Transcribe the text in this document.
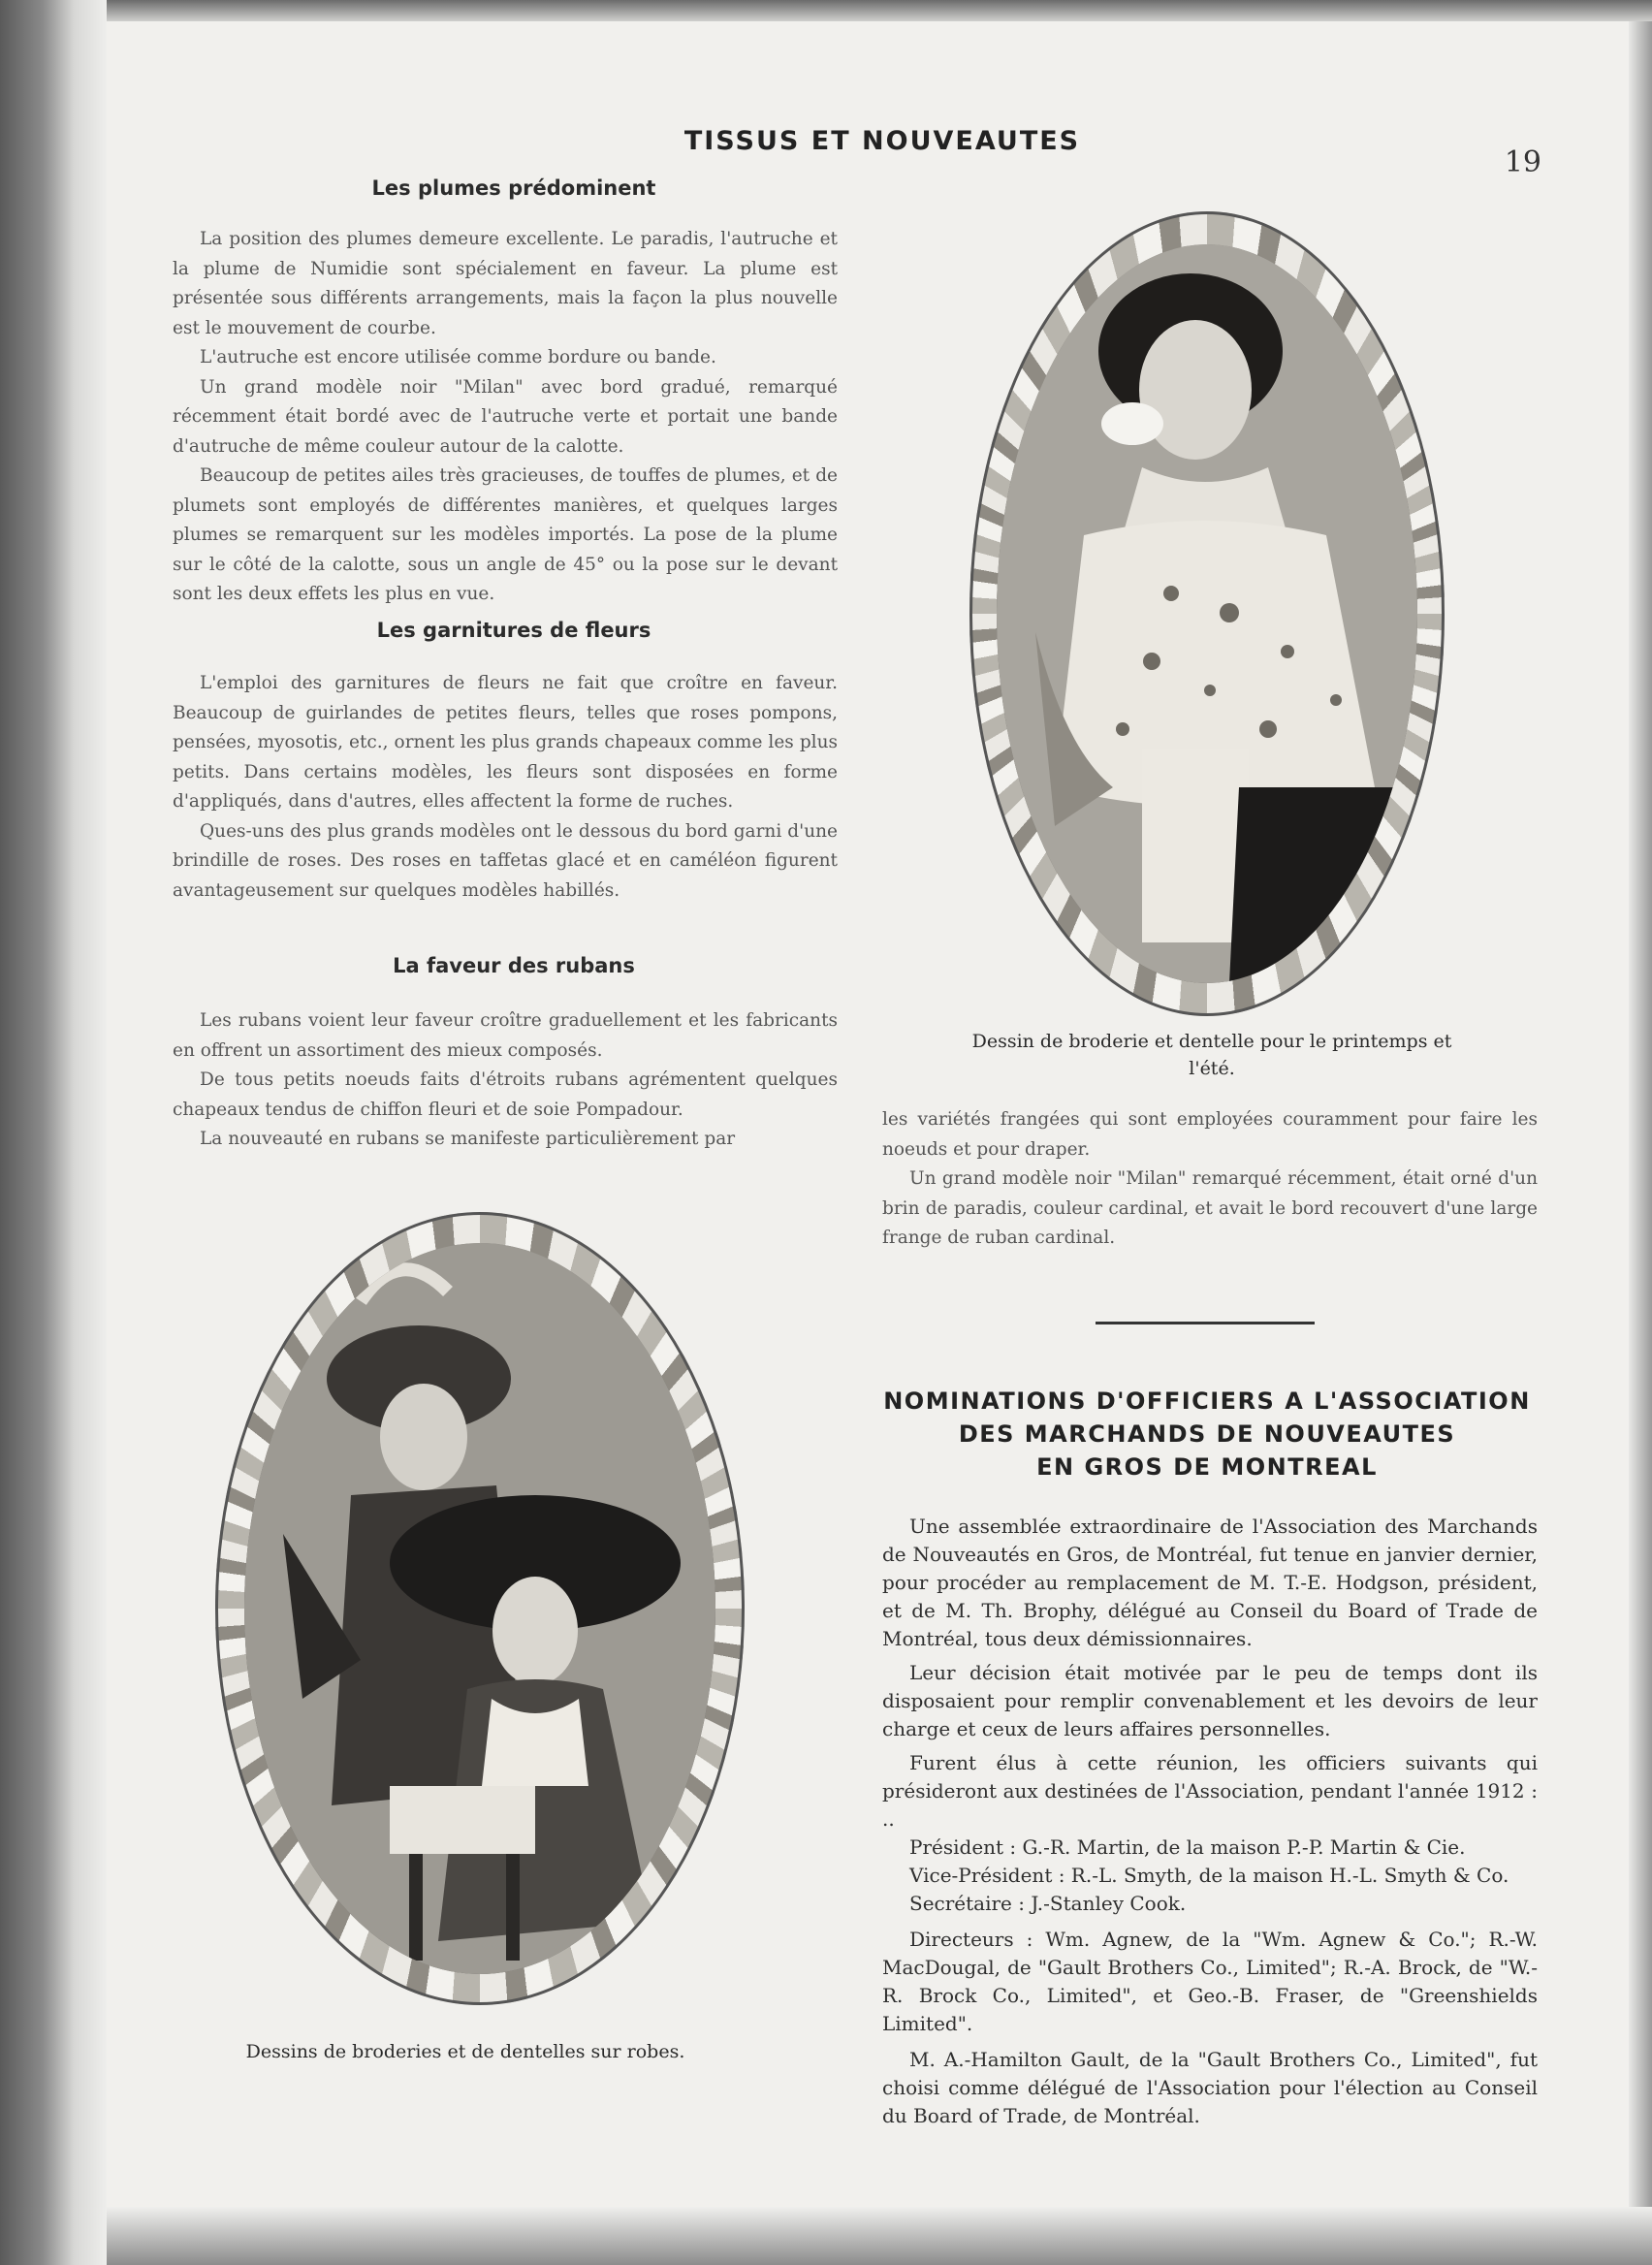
TISSUS ET NOUVEAUTES
19
Les plumes prédominent

La position des plumes demeure excellente. Le paradis, l'autruche et la plume de Numidie sont spécialement en faveur. La plume est présentée sous différents arrangements, mais la façon la plus nouvelle est le mouvement de courbe.

L'autruche est encore utilisée comme bordure ou bande.

Un grand modèle noir "Milan" avec bord gradué, remarqué récemment était bordé avec de l'autruche verte et portait une bande d'autruche de même couleur autour de la calotte.

Beaucoup de petites ailes très gracieuses, de touffes de plumes, et de plumets sont employés de différentes manières, et quelques larges plumes se remarquent sur les modèles importés. La pose de la plume sur le côté de la calotte, sous un angle de 45° ou la pose sur le devant sont les deux effets les plus en vue.

Les garnitures de fleurs

L'emploi des garnitures de fleurs ne fait que croître en faveur. Beaucoup de guirlandes de petites fleurs, telles que roses pompons, pensées, myosotis, etc., ornent les plus grands chapeaux comme les plus petits. Dans certains modèles, les fleurs sont disposées en forme d'appliqués, dans d'autres, elles affectent la forme de ruches.

Ques-uns des plus grands modèles ont le dessous du bord garni d'une brindille de roses. Des roses en taffetas glacé et en caméléon figurent avantageusement sur quelques modèles habillés.

La faveur des rubans

Les rubans voient leur faveur croître graduellement et les fabricants en offrent un assortiment des mieux composés.

De tous petits noeuds faits d'étroits rubans agrémentent quelques chapeaux tendus de chiffon fleuri et de soie Pompadour.

La nouveauté en rubans se manifeste particulièrement par

Dessin de broderie et dentelle pour le printemps et l'été.

les variétés frangées qui sont employées couramment pour faire les noeuds et pour draper.

Un grand modèle noir "Milan" remarqué récemment, était orné d'un brin de paradis, couleur cardinal, et avait le bord recouvert d'une large frange de ruban cardinal.

Dessins de broderies et de dentelles sur robes.
NOMINATIONS D'OFFICIERS A L'ASSOCIATION
DES MARCHANDS DE NOUVEAUTES
EN GROS DE MONTREAL

Une assemblée extraordinaire de l'Association des Marchands de Nouveautés en Gros, de Montréal, fut tenue en janvier dernier, pour procéder au remplacement de M. T.-E. Hodgson, président, et de M. Th. Brophy, délégué au Conseil du Board of Trade de Montréal, tous deux démissionnaires.

Leur décision était motivée par le peu de temps dont ils disposaient pour remplir convenablement et les devoirs de leur charge et ceux de leurs affaires personnelles.

Furent élus à cette réunion, les officiers suivants qui présideront aux destinées de l'Association, pendant l'année 1912 : ..

Président : G.-R. Martin, de la maison P.-P. Martin & Cie.

Vice-Président : R.-L. Smyth, de la maison H.-L. Smyth & Co.

Secrétaire : J.-Stanley Cook.

Directeurs : Wm. Agnew, de la "Wm. Agnew & Co."; R.-W. MacDougal, de "Gault Brothers Co., Limited"; R.-A. Brock, de "W.-R. Brock Co., Limited", et Geo.-B. Fraser, de "Greenshields Limited".

M. A.-Hamilton Gault, de la "Gault Brothers Co., Limited", fut choisi comme délégué de l'Association pour l'élection au Conseil du Board of Trade, de Montréal.
